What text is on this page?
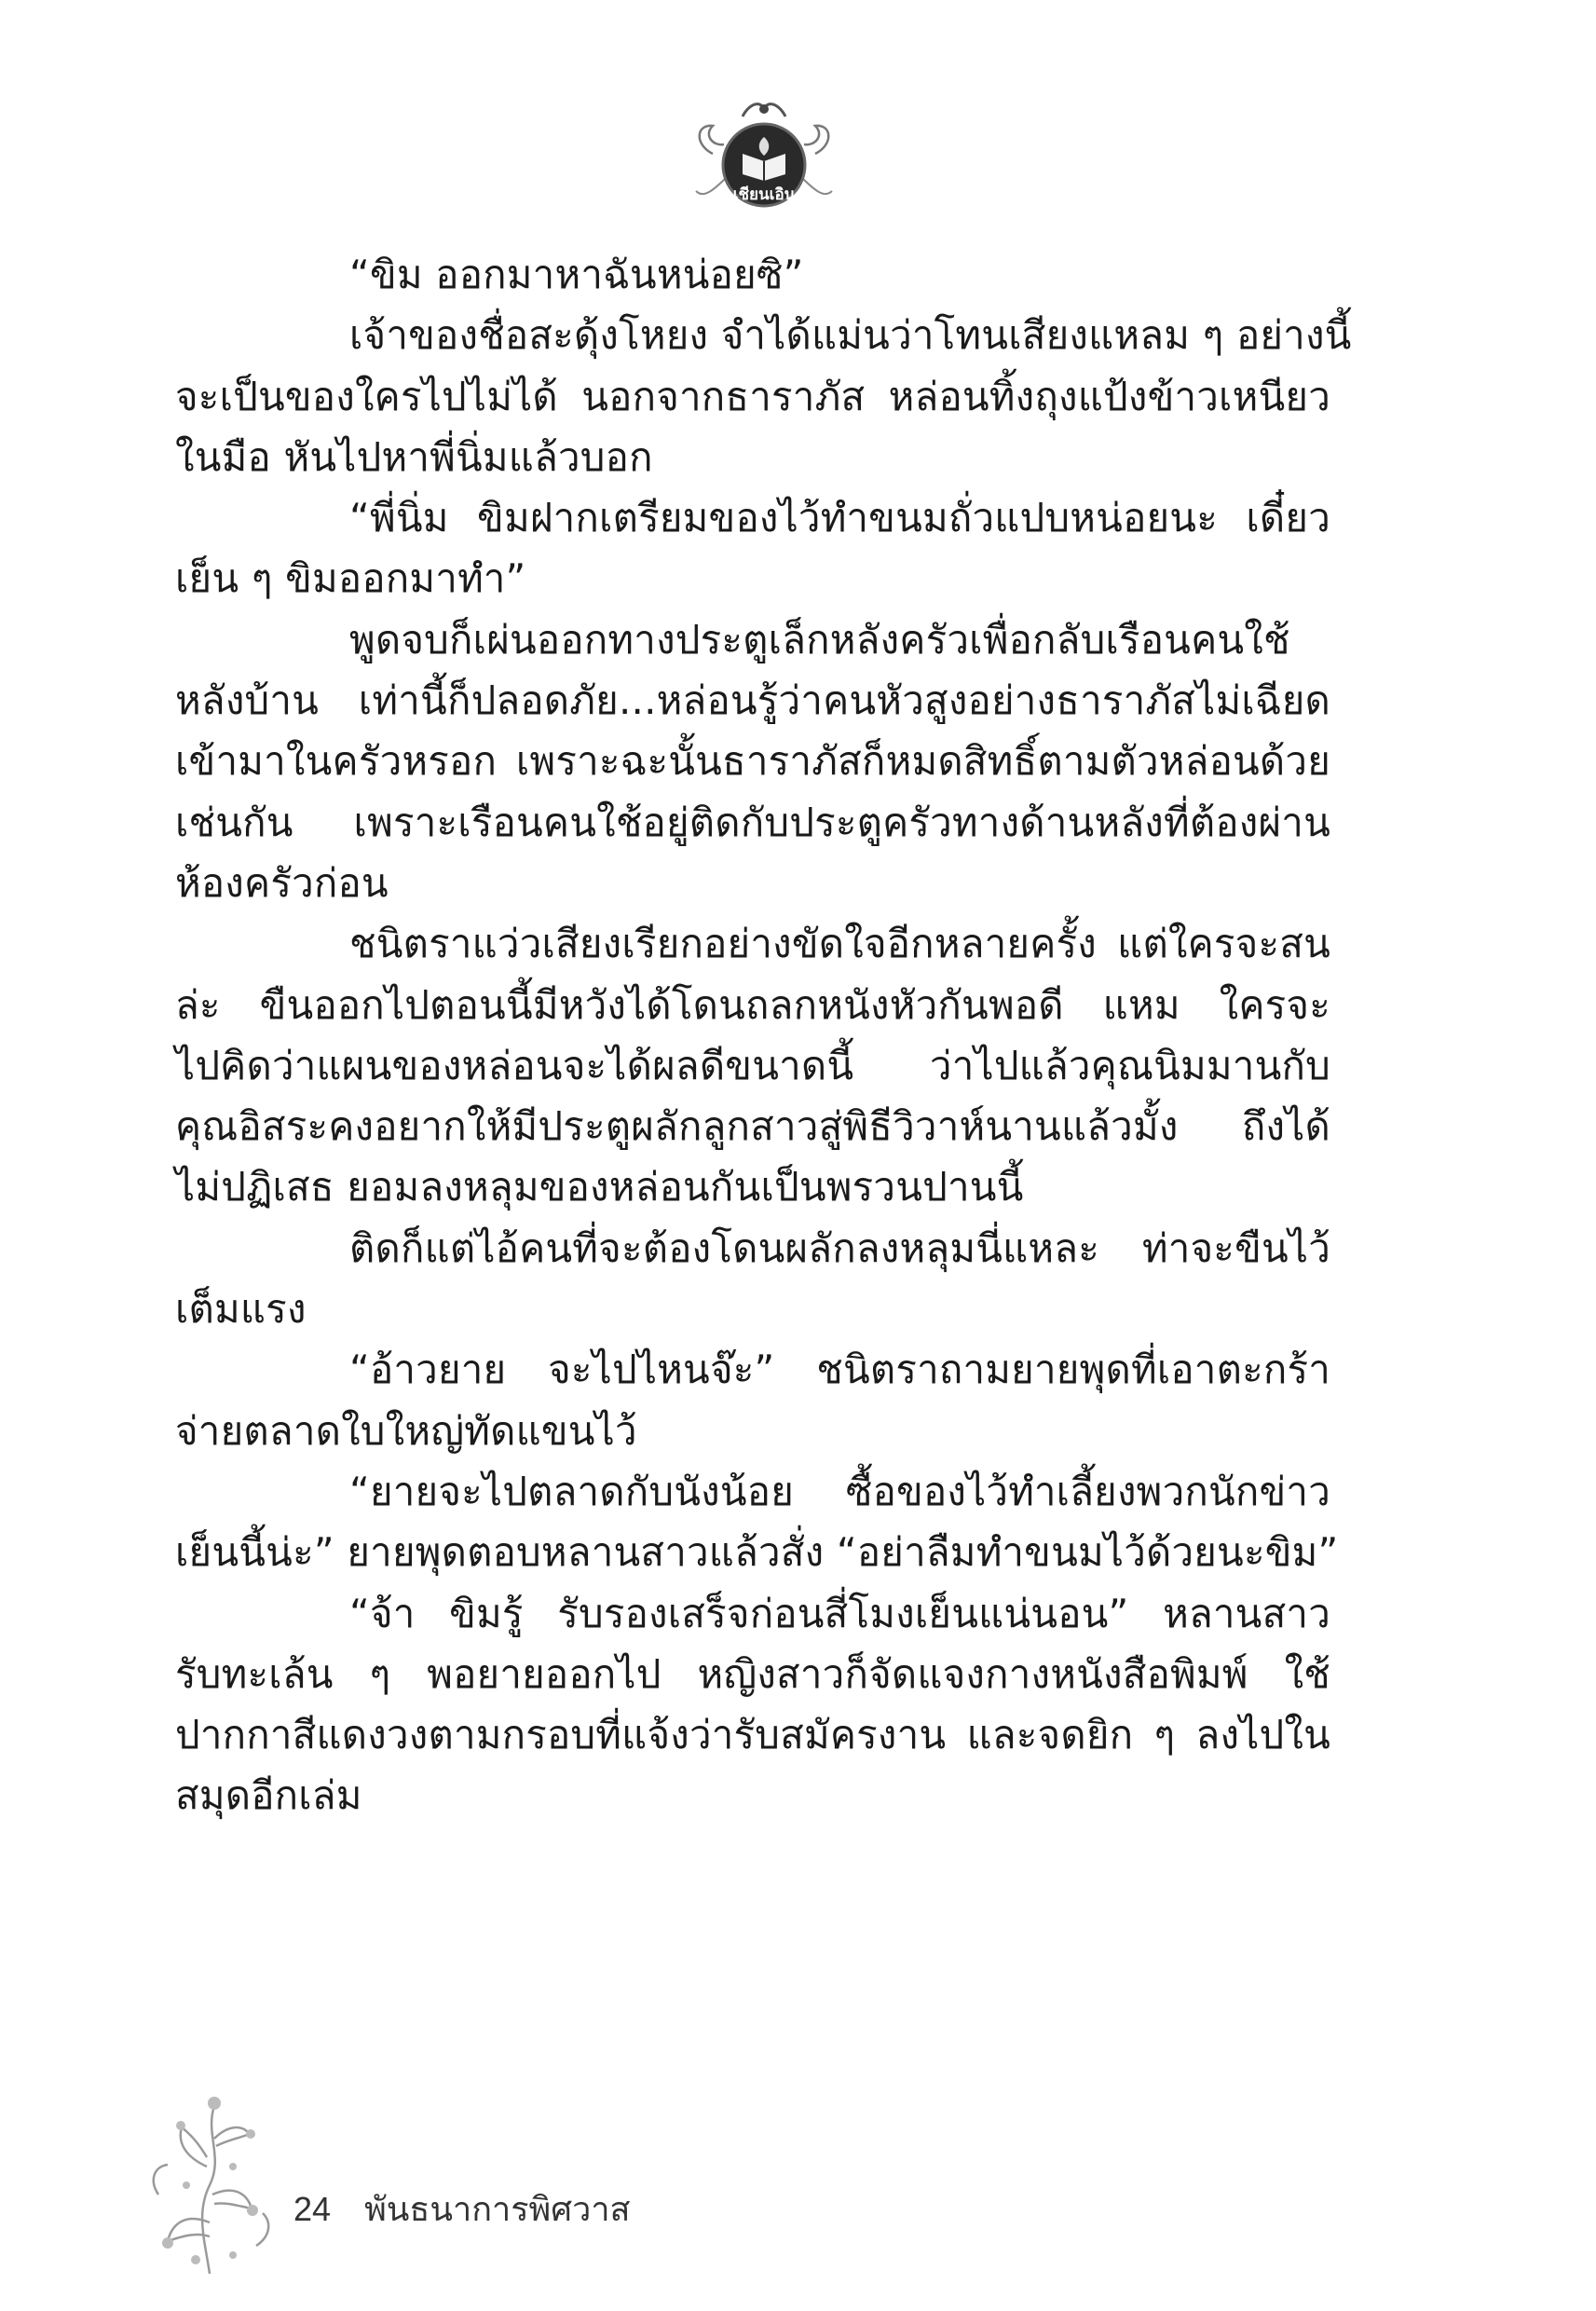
เชียนเอิน
“ขิม ออกมาหาฉันหน่อยซิ”
เจ้าของชื่อสะดุ้งโหยง จำได้แม่นว่าโทนเสียงแหลม ๆ อย่างนี้
จะเป็นของใครไปไม่ได้ นอกจากธาราภัส หล่อนทิ้งถุงแป้งข้าวเหนียว
ในมือ หันไปหาพี่นิ่มแล้วบอก
“พี่นิ่ม ขิมฝากเตรียมของไว้ทำขนมถั่วแปบหน่อยนะ เดี๋ยว
เย็น ๆ ขิมออกมาทำ”
พูดจบก็เผ่นออกทางประตูเล็กหลังครัวเพื่อกลับเรือนคนใช้
หลังบ้าน เท่านี้ก็ปลอดภัย...หล่อนรู้ว่าคนหัวสูงอย่างธาราภัสไม่เฉียด
เข้ามาในครัวหรอก เพราะฉะนั้นธาราภัสก็หมดสิทธิ์ตามตัวหล่อนด้วย
เช่นกัน เพราะเรือนคนใช้อยู่ติดกับประตูครัวทางด้านหลังที่ต้องผ่าน
ห้องครัวก่อน
ชนิตราแว่วเสียงเรียกอย่างขัดใจอีกหลายครั้ง แต่ใครจะสน
ล่ะ ขืนออกไปตอนนี้มีหวังได้โดนถลกหนังหัวกันพอดี แหม ใครจะ
ไปคิดว่าแผนของหล่อนจะได้ผลดีขนาดนี้ ว่าไปแล้วคุณนิมมานกับ
คุณอิสระคงอยากให้มีประตูผลักลูกสาวสู่พิธีวิวาห์นานแล้วมั้ง ถึงได้
ไม่ปฏิเสธ ยอมลงหลุมของหล่อนกันเป็นพรวนปานนี้
ติดก็แต่ไอ้คนที่จะต้องโดนผลักลงหลุมนี่แหละ ท่าจะขืนไว้
เต็มแรง
“อ้าวยาย จะไปไหนจ๊ะ” ชนิตราถามยายพุดที่เอาตะกร้า
จ่ายตลาดใบใหญ่ทัดแขนไว้
“ยายจะไปตลาดกับนังน้อย ซื้อของไว้ทำเลี้ยงพวกนักข่าว
เย็นนี้น่ะ” ยายพุดตอบหลานสาวแล้วสั่ง “อย่าลืมทำขนมไว้ด้วยนะขิม”
“จ้า ขิมรู้ รับรองเสร็จก่อนสี่โมงเย็นแน่นอน” หลานสาว
รับทะเล้น ๆ พอยายออกไป หญิงสาวก็จัดแจงกางหนังสือพิมพ์ ใช้
ปากกาสีแดงวงตามกรอบที่แจ้งว่ารับสมัครงาน และจดยิก ๆ ลงไปใน
สมุดอีกเล่ม
24 พันธนาการพิศวาส
